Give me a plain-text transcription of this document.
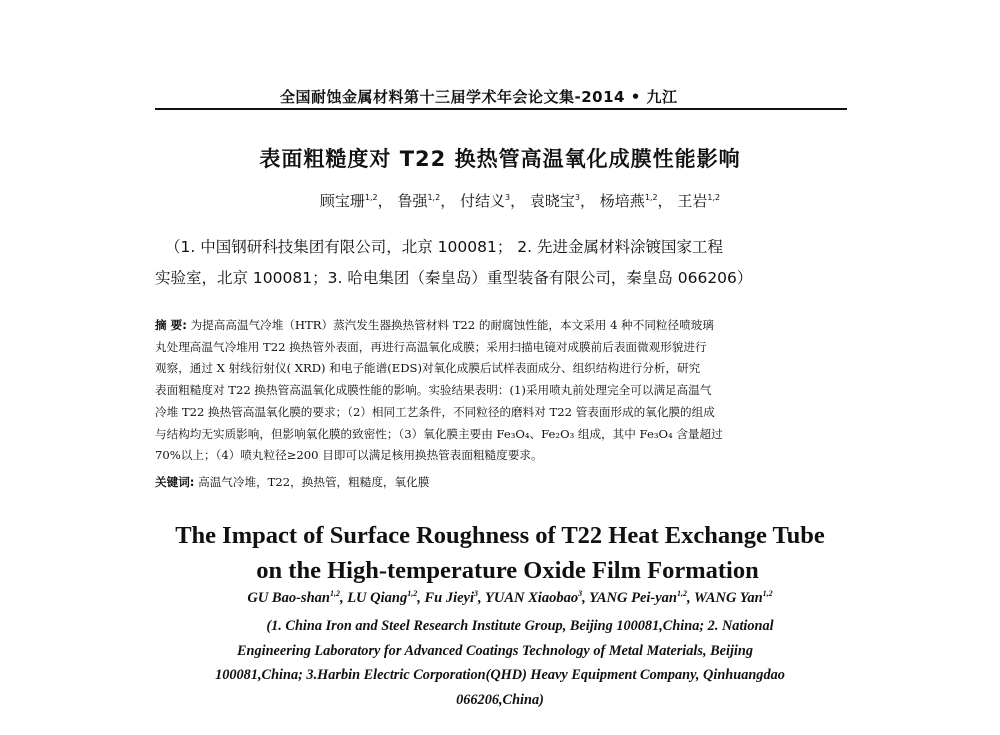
全国耐蚀金属材料第十三届学术年会论文集-2014 • 九江
表面粗糙度对 T22 换热管高温氧化成膜性能影响
顾宝珊$^{1,2}$， 鲁强$^{1,2}$， 付结义$^3$， 袁晓宝$^3$， 杨培燕$^{1,2}$， 王岩$^{1,2}$
（1. 中国钢研科技集团有限公司，北京 100081； 2. 先进金属材料涂镀国家工程
实验室，北京 100081；3. 哈电集团（秦皇岛）重型装备有限公司，秦皇岛 066206）
摘 要: 为提高高温气冷堆（HTR）蒸汽发生器换热管材料 T22 的耐腐蚀性能，本文采用 4 种不同粒径喷玻璃
丸处理高温气冷堆用 T22 换热管外表面，再进行高温氧化成膜；采用扫描电镜对成膜前后表面微观形貌进行
观察，通过 X 射线衍射仪( XRD) 和电子能谱(EDS)对氧化成膜后试样表面成分、组织结构进行分析，研究
表面粗糙度对 T22 换热管高温氧化成膜性能的影响。实验结果表明：(1)采用喷丸前处理完全可以满足高温气
冷堆 T22 换热管高温氧化膜的要求；（2）相同工艺条件，不同粒径的磨料对 T22 管表面形成的氧化膜的组成
与结构均无实质影响，但影响氧化膜的致密性；（3）氧化膜主要由 Fe₃O₄、Fe₂O₃ 组成，其中 Fe₃O₄ 含量超过
70%以上；（4）喷丸粒径≥200 目即可以满足核用换热管表面粗糙度要求。
关键词: 高温气冷堆，T22，换热管，粗糙度，氧化膜
The Impact of Surface Roughness of T22 Heat Exchange Tube
on the High-temperature Oxide Film Formation
GU Bao-shan$^{1,2}$, LU Qiang$^{1,2}$, Fu Jieyi$^3$, YUAN Xiaobao$^3$, YANG Pei-yan$^{1,2}$, WANG Yan$^{1,2}$
(1. China Iron and Steel Research Institute Group, Beijing 100081,China; 2. National
Engineering Laboratory for Advanced Coatings Technology of Metal Materials, Beijing
100081,China; 3.Harbin Electric Corporation(QHD) Heavy Equipment Company, Qinhuangdao
066206,China)
